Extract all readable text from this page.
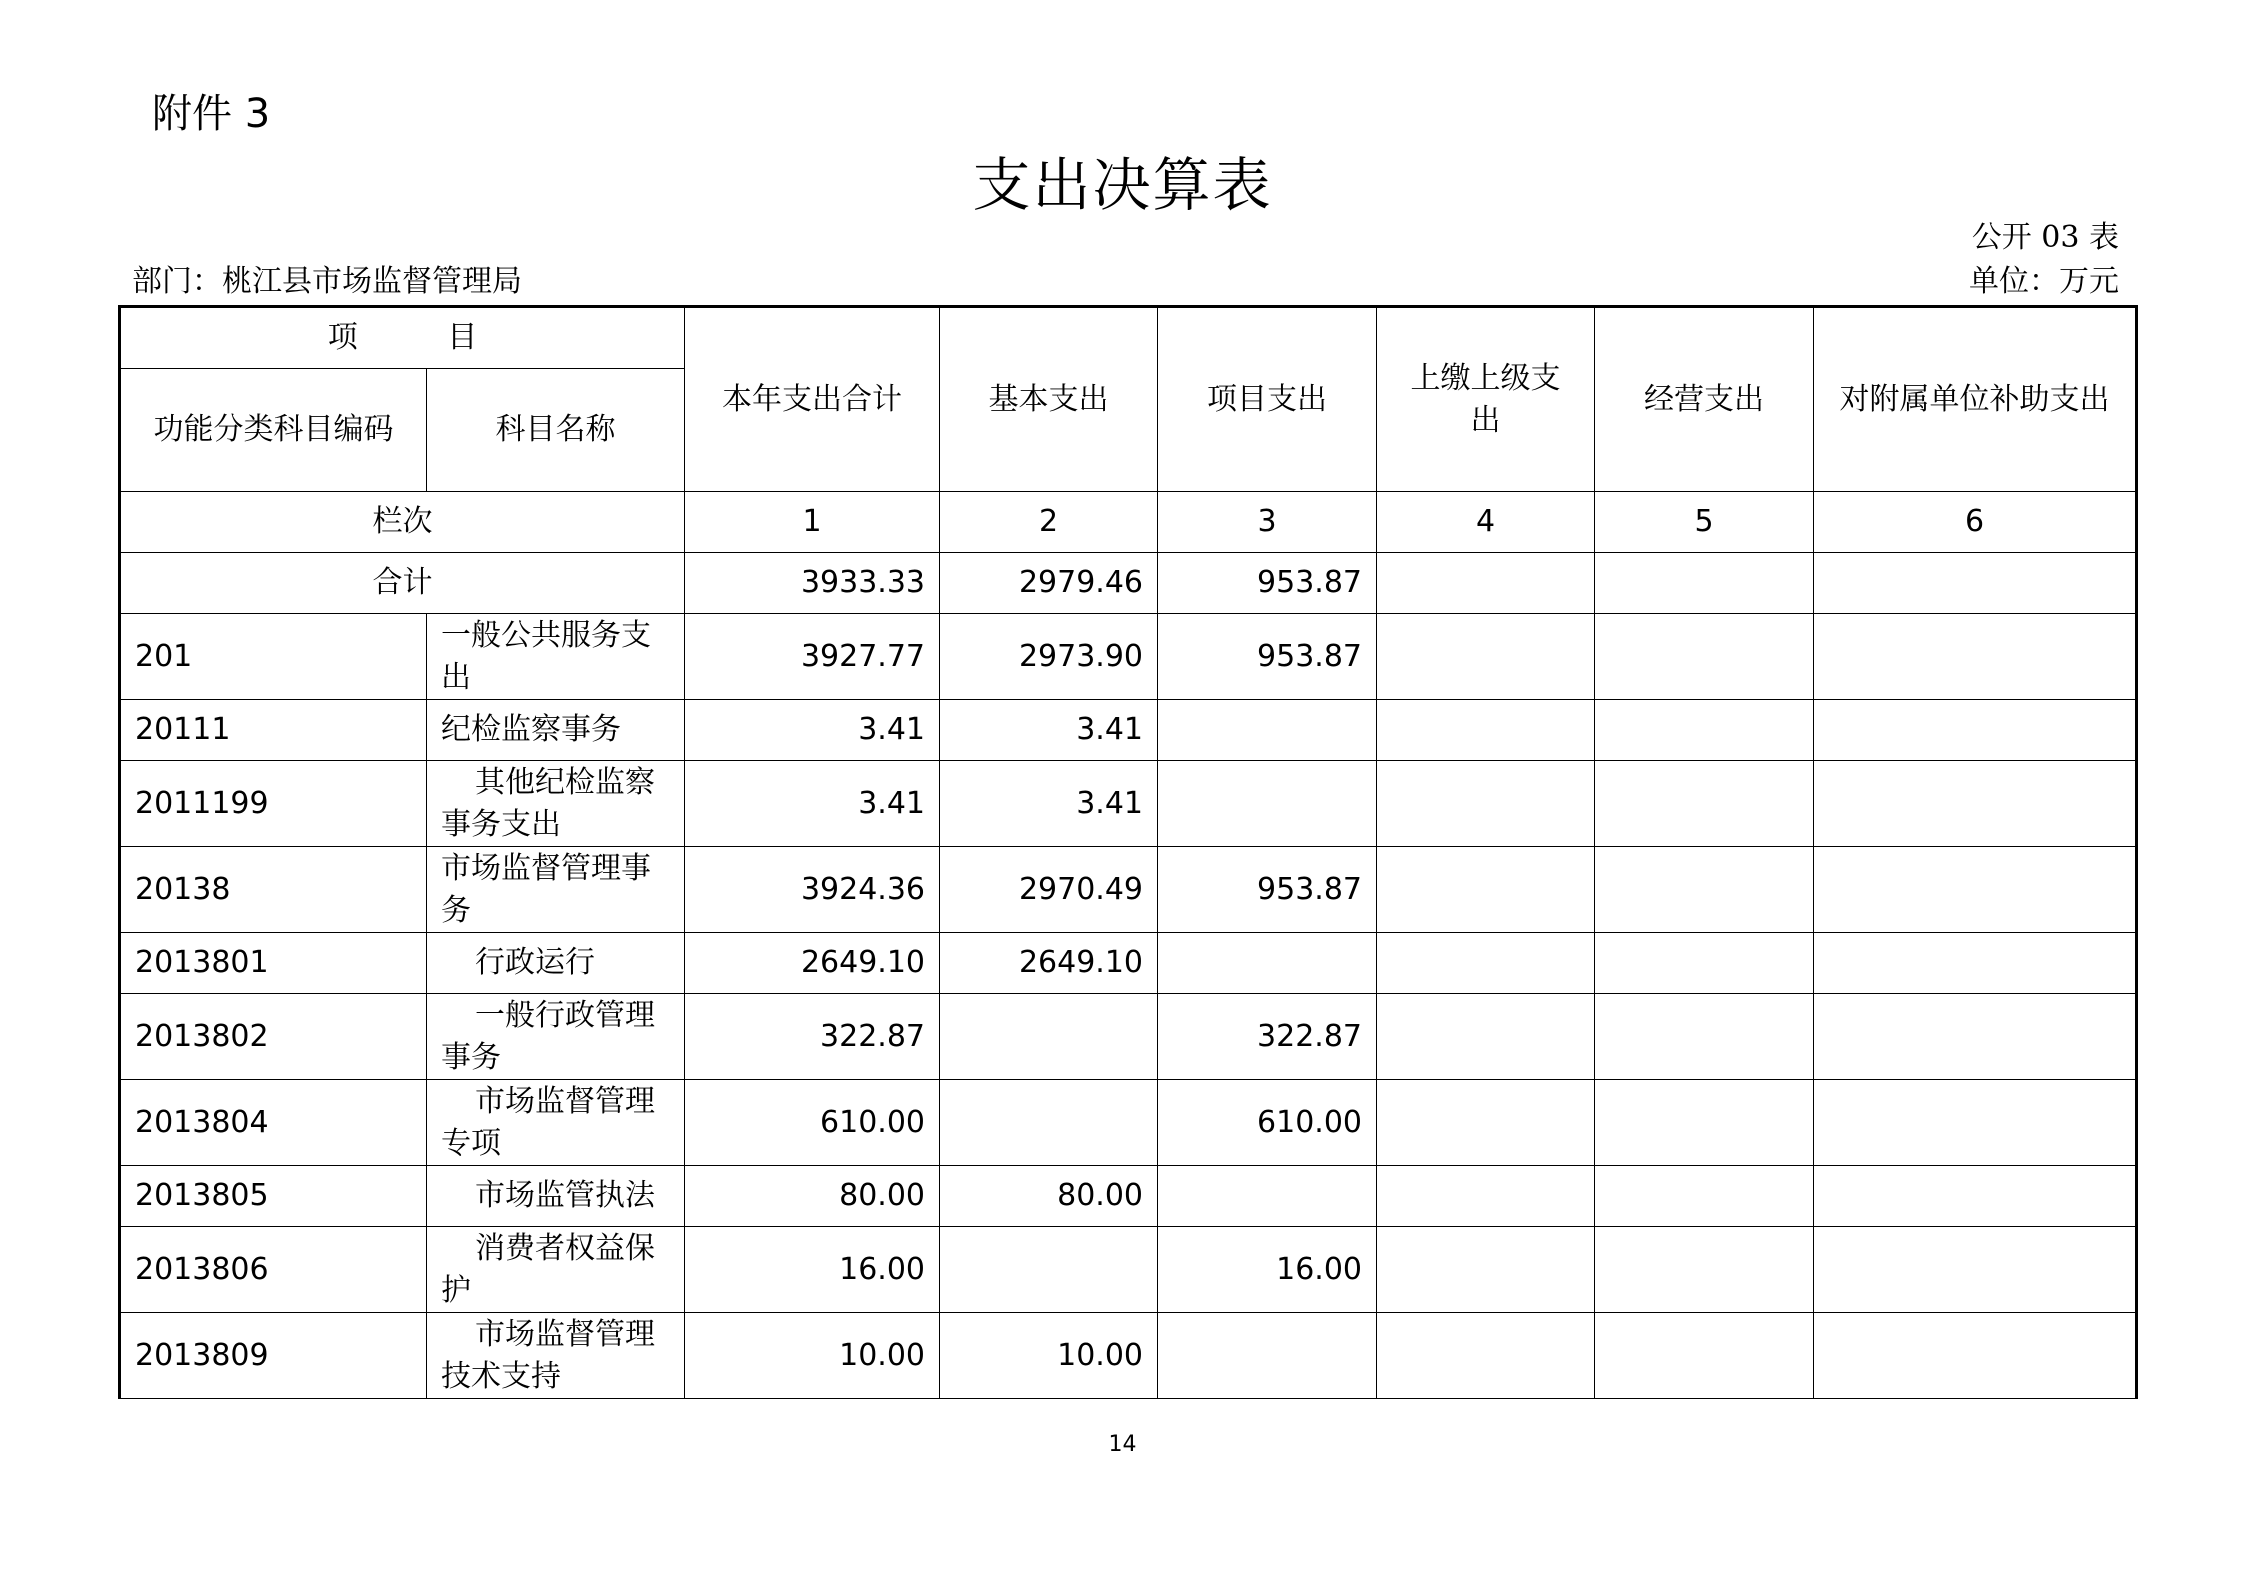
附件 3
支出决算表
公开 03 表
部门：桃江县市场监督管理局	单位：万元
项 目		本年支出合计	基本支出	项目支出	上缴上级支出	经营支出	对附属单位补助支出
功能分类科目编码	科目名称						
栏次		1	2	3	4	5	6
合计		3933.33	2979.46	953.87			
201	一般公共服务支出	3927.77	2973.90	953.87			
20111	纪检监察事务	3.41	3.41				
2011199	其他纪检监察事务支出	3.41	3.41				
20138	市场监督管理事务	3924.36	2970.49	953.87			
2013801	行政运行	2649.10	2649.10				
2013802	一般行政管理事务	322.87		322.87			
2013804	市场监督管理专项	610.00		610.00			
2013805	市场监管执法	80.00	80.00				
2013806	消费者权益保护	16.00		16.00			
2013809	市场监督管理技术支持	10.00	10.00				
14
